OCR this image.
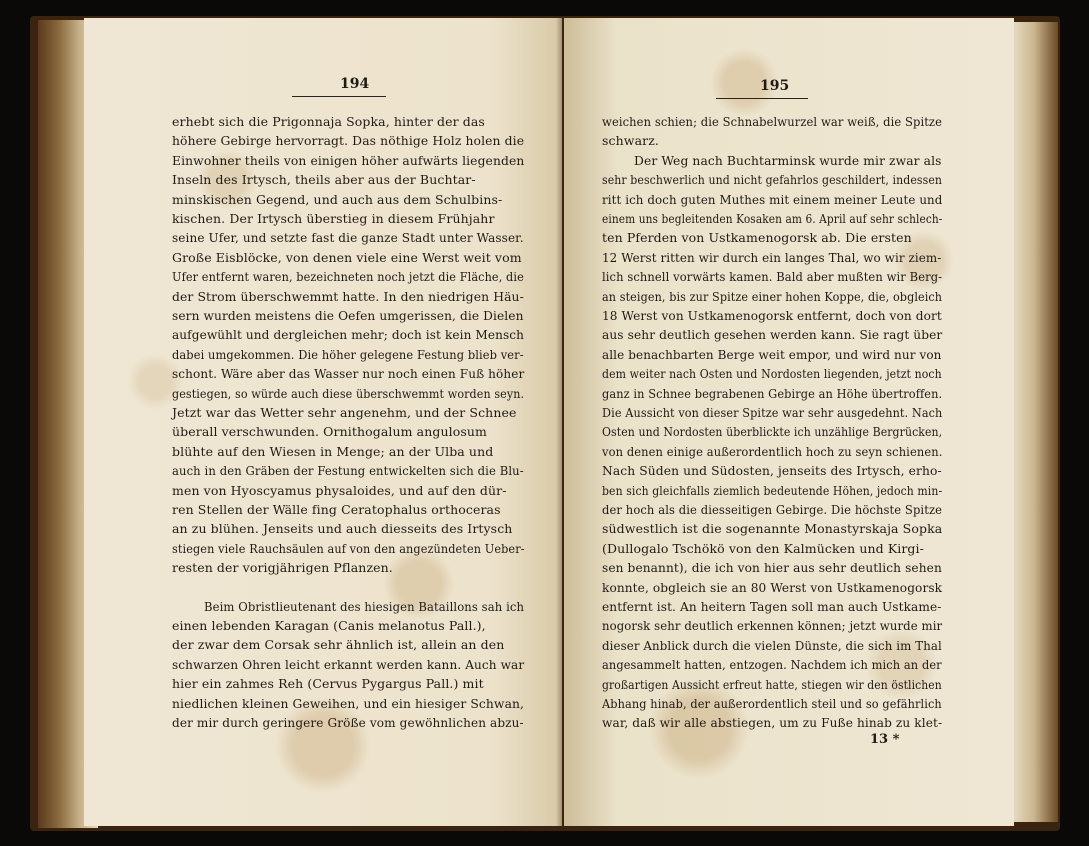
194
erhebt sich die Prigonnaja Sopka, hinter der das
höhere Gebirge hervorragt. Das nöthige Holz holen die
Einwohner theils von einigen höher aufwärts liegenden
Inseln des Irtysch, theils aber aus der Buchtar-
minskischen Gegend, und auch aus dem Schulbins-
kischen. Der Irtysch überstieg in diesem Frühjahr
seine Ufer, und setzte fast die ganze Stadt unter Wasser.
Große Eisblöcke, von denen viele eine Werst weit vom
Ufer entfernt waren, bezeichneten noch jetzt die Fläche, die
der Strom überschwemmt hatte. In den niedrigen Häu-
sern wurden meistens die Oefen umgerissen, die Dielen
aufgewühlt und dergleichen mehr; doch ist kein Mensch
dabei umgekommen. Die höher gelegene Festung blieb ver-
schont. Wäre aber das Wasser nur noch einen Fuß höher
gestiegen, so würde auch diese überschwemmt worden seyn.
Jetzt war das Wetter sehr angenehm, und der Schnee
überall verschwunden. Ornithogalum angulosum
blühte auf den Wiesen in Menge; an der Ulba und
auch in den Gräben der Festung entwickelten sich die Blu-
men von Hyoscyamus physaloides, und auf den dür-
ren Stellen der Wälle fing Ceratophalus orthoceras
an zu blühen. Jenseits und auch diesseits des Irtysch
stiegen viele Rauchsäulen auf von den angezündeten Ueber-
resten der vorigjährigen Pflanzen.
Beim Obristlieutenant des hiesigen Bataillons sah ich
einen lebenden Karagan (Canis melanotus Pall.),
der zwar dem Corsak sehr ähnlich ist, allein an den
schwarzen Ohren leicht erkannt werden kann. Auch war
hier ein zahmes Reh (Cervus Pygargus Pall.) mit
niedlichen kleinen Geweihen, und ein hiesiger Schwan,
der mir durch geringere Größe vom gewöhnlichen abzu-
195
weichen schien; die Schnabelwurzel war weiß, die Spitze
schwarz.
Der Weg nach Buchtarminsk wurde mir zwar als
sehr beschwerlich und nicht gefahrlos geschildert, indessen
ritt ich doch guten Muthes mit einem meiner Leute und
einem uns begleitenden Kosaken am 6. April auf sehr schlech-
ten Pferden von Ustkamenogorsk ab. Die ersten
12 Werst ritten wir durch ein langes Thal, wo wir ziem-
lich schnell vorwärts kamen. Bald aber mußten wir Berg-
an steigen, bis zur Spitze einer hohen Koppe, die, obgleich
18 Werst von Ustkamenogorsk entfernt, doch von dort
aus sehr deutlich gesehen werden kann. Sie ragt über
alle benachbarten Berge weit empor, und wird nur von
dem weiter nach Osten und Nordosten liegenden, jetzt noch
ganz in Schnee begrabenen Gebirge an Höhe übertroffen.
Die Aussicht von dieser Spitze war sehr ausgedehnt. Nach
Osten und Nordosten überblickte ich unzählige Bergrücken,
von denen einige außerordentlich hoch zu seyn schienen.
Nach Süden und Südosten, jenseits des Irtysch, erho-
ben sich gleichfalls ziemlich bedeutende Höhen, jedoch min-
der hoch als die diesseitigen Gebirge. Die höchste Spitze
südwestlich ist die sogenannte Monastyrskaja Sopka
(Dullogalo Tschökö von den Kalmücken und Kirgi-
sen benannt), die ich von hier aus sehr deutlich sehen
konnte, obgleich sie an 80 Werst von Ustkamenogorsk
entfernt ist. An heitern Tagen soll man auch Ustkame-
nogorsk sehr deutlich erkennen können; jetzt wurde mir
dieser Anblick durch die vielen Dünste, die sich im Thal
angesammelt hatten, entzogen. Nachdem ich mich an der
großartigen Aussicht erfreut hatte, stiegen wir den östlichen
Abhang hinab, der außerordentlich steil und so gefährlich
war, daß wir alle abstiegen, um zu Fuße hinab zu klet-
13 *
